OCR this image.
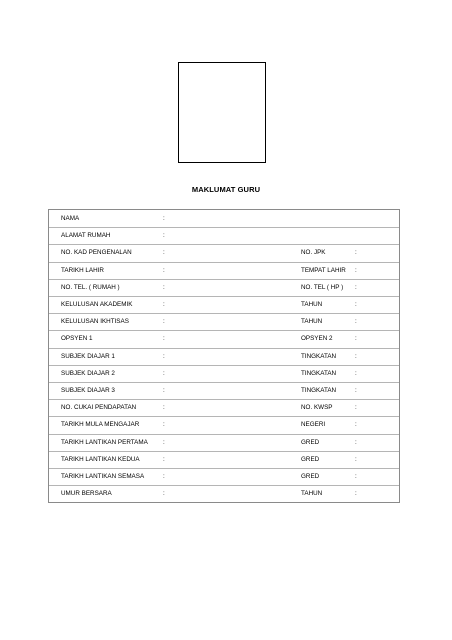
MAKLUMAT GURU
NAMA	:
ALAMAT RUMAH	:
NO. KAD PENGENALAN	:	NO. JPK	:
TARIKH LAHIR	:	TEMPAT LAHIR :
NO. TEL. ( RUMAH )	:	NO. TEL ( HP ) :
KELULUSAN AKADEMIK	:	TAHUN	:
KELULUSAN IKHTISAS	:	TAHUN	:
OPSYEN 1	:	OPSYEN 2	:
SUBJEK DIAJAR 1	:	TINGKATAN	:
SUBJEK DIAJAR 2	:	TINGKATAN	:
SUBJEK DIAJAR 3	:	TINGKATAN	:
NO. CUKAI PENDAPATAN	:	NO. KWSP	:
TARIKH MULA MENGAJAR	:	NEGERI	:
TARIKH LANTIKAN PERTAMA :	GRED	:
TARIKH LANTIKAN KEDUA	:	GRED	:
TARIKH LANTIKAN SEMASA	:	GRED	:
UMUR BERSARA	:	TAHUN	:
